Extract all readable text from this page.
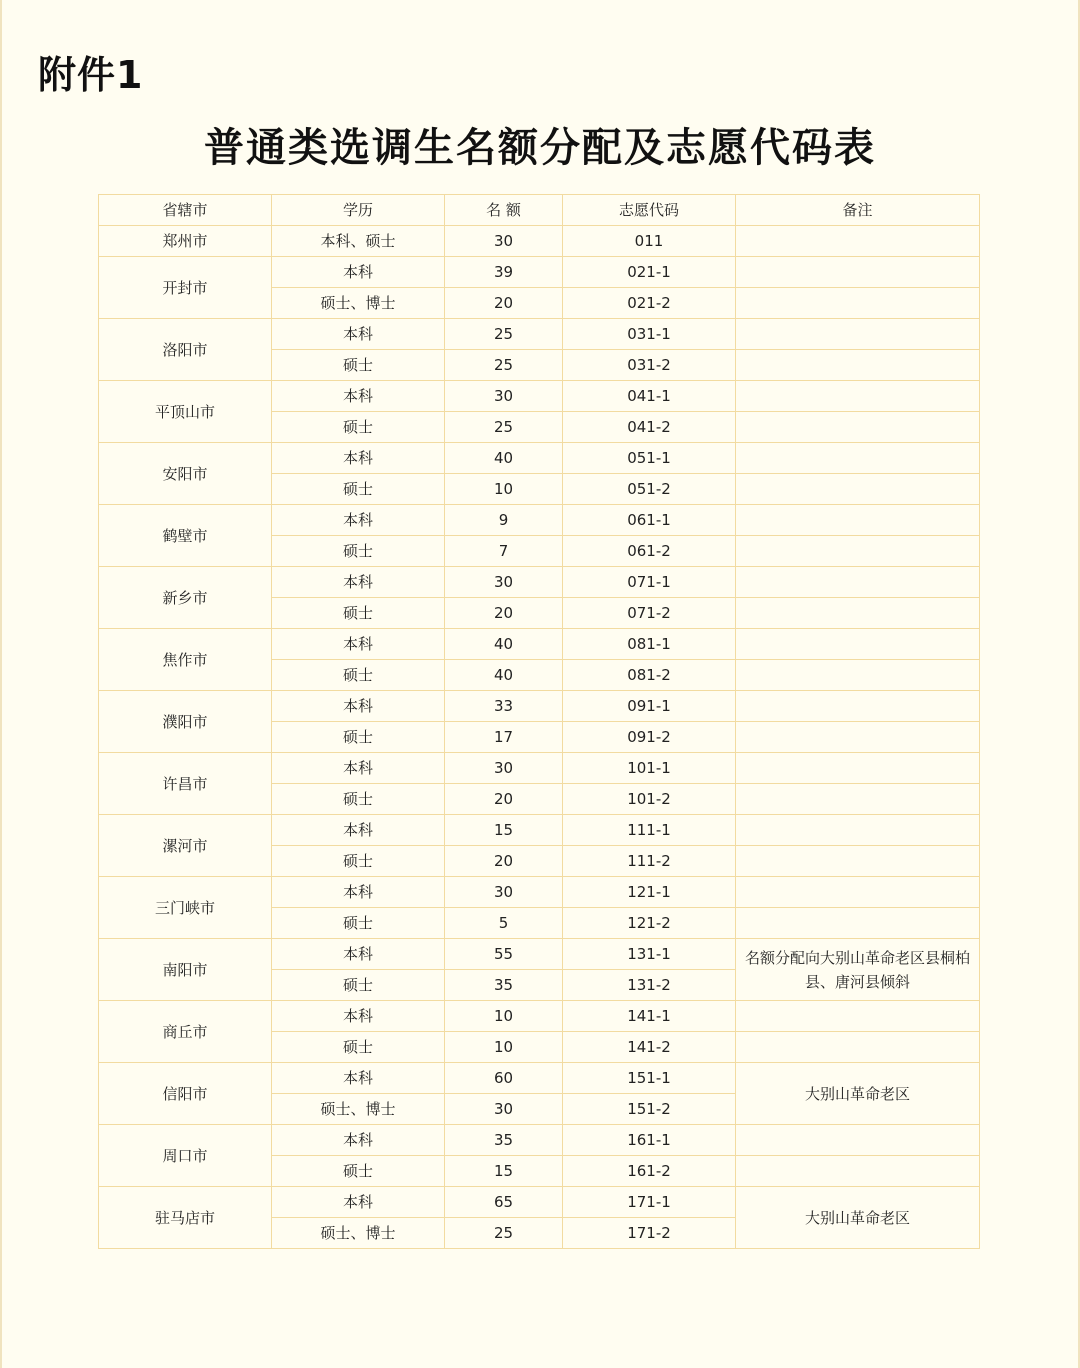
附件1
普通类选调生名额分配及志愿代码表
省辖市	学历	名 额	志愿代码	备注
郑州市	本科、硕士	30	011	
开封市	本科	39	021-1	
	硕士、博士	20	021-2	
洛阳市	本科	25	031-1	
	硕士	25	031-2	
平顶山市	本科	30	041-1	
	硕士	25	041-2	
安阳市	本科	40	051-1	
	硕士	10	051-2	
鹤壁市	本科	9	061-1	
	硕士	7	061-2	
新乡市	本科	30	071-1	
	硕士	20	071-2	
焦作市	本科	40	081-1	
	硕士	40	081-2	
濮阳市	本科	33	091-1	
	硕士	17	091-2	
许昌市	本科	30	101-1	
	硕士	20	101-2	
漯河市	本科	15	111-1	
	硕士	20	111-2	
三门峡市	本科	30	121-1	
	硕士	5	121-2	
南阳市	本科	55	131-1	名额分配向大别山革命老区县桐柏县、唐河县倾斜
	硕士	35	131-2	
商丘市	本科	10	141-1	
	硕士	10	141-2	
信阳市	本科	60	151-1	大别山革命老区
	硕士、博士	30	151-2	
周口市	本科	35	161-1	
	硕士	15	161-2	
驻马店市	本科	65	171-1	大别山革命老区
	硕士、博士	25	171-2	
